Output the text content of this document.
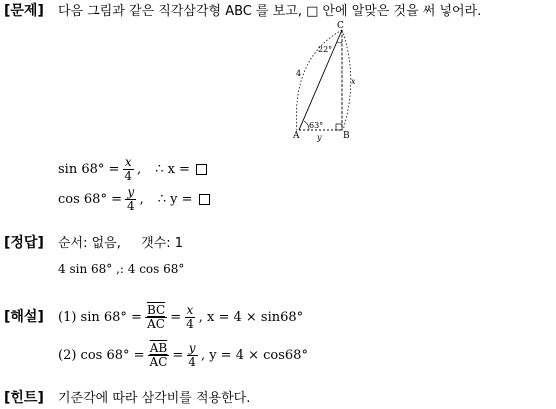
[문제] 다음 그림과 같은 직각삼각형 ABC 를 보고, □ 안에 알맞은 것을 써 넣어라.
C
A	B
22°
63°
4
x
y
$\sin 68^\circ = \frac{x}{4}$ , ∴ x =
$\cos 68^\circ = \frac{y}{4}$ , ∴ y =
[정답] 순서: 없음, 갯수: 1
4 sin 68° ,: 4 cos 68°
[해설] (1) $\sin 68^\circ = \frac{\overline{BC}}{AC} = \frac{x}{4}$ , x = 4 × sin68°
(2) $\cos 68^\circ = \frac{\overline{AB}}{AC} = \frac{y}{4}$ , y = 4 × cos68°
[힌트] 기준각에 따라 삼각비를 적용한다.
